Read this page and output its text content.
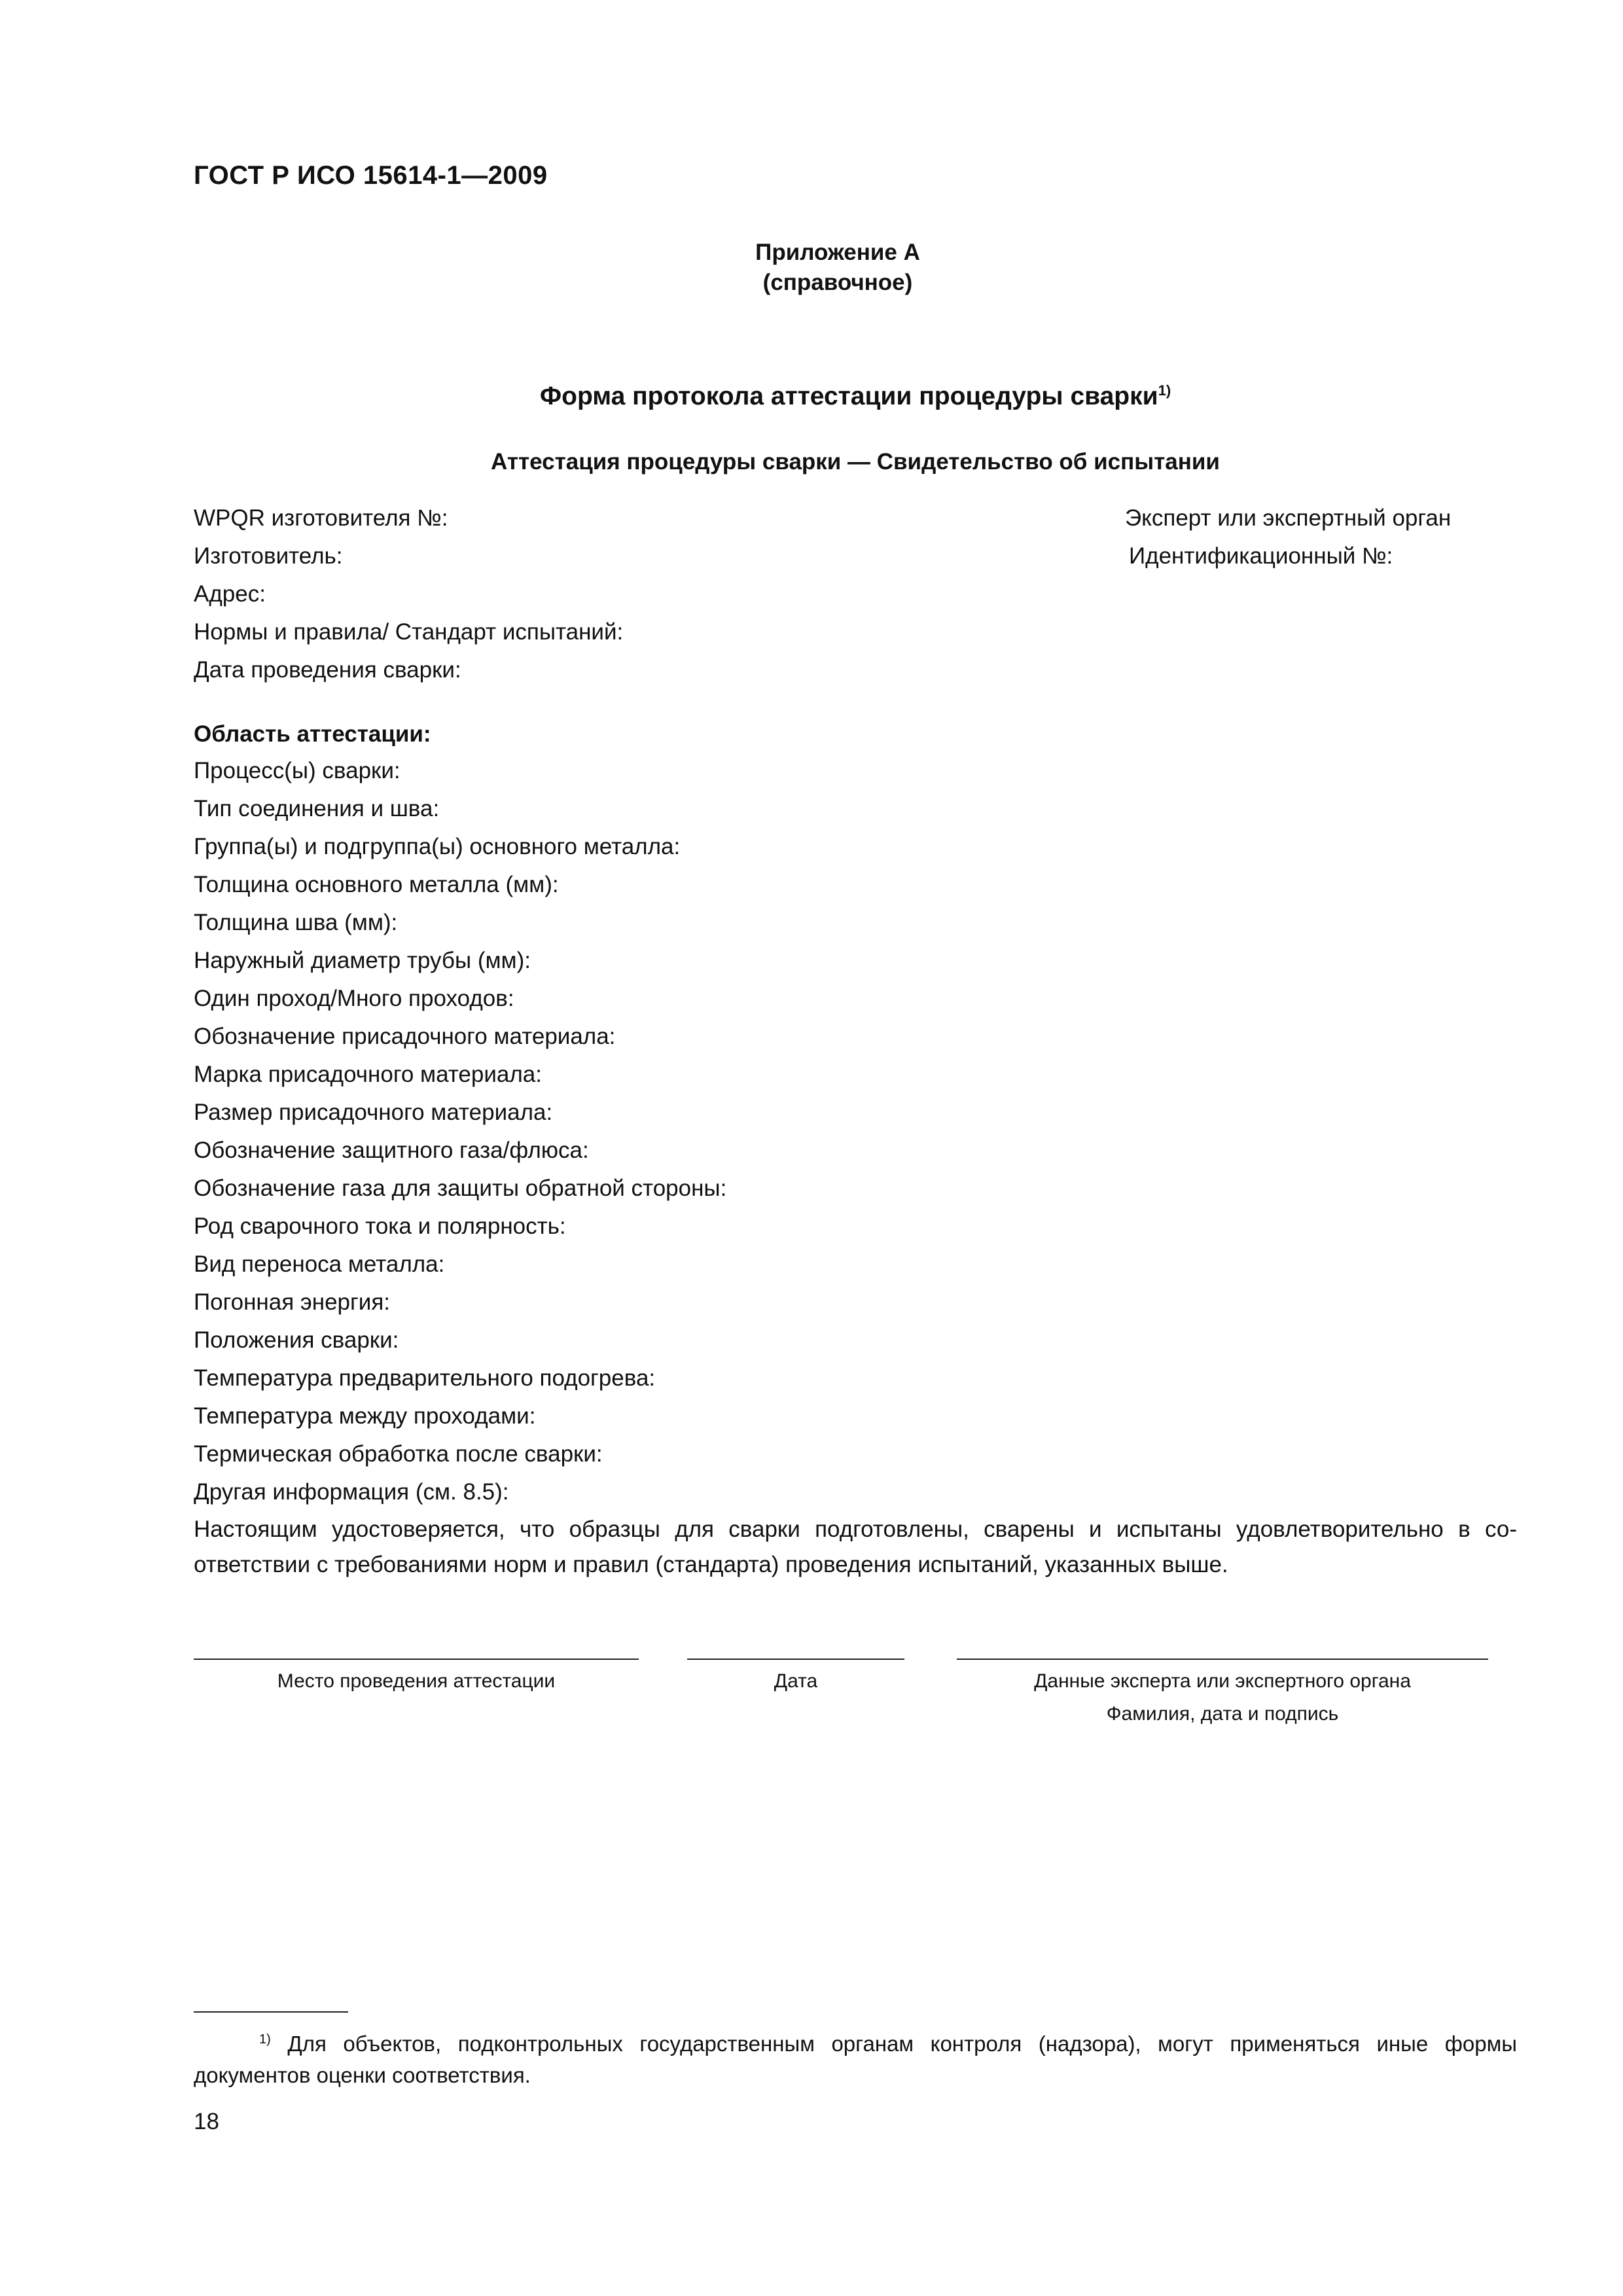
ГОСТ Р ИСО 15614-1—2009
Приложение А
(справочное)
Форма протокола аттестации процедуры сварки$^{1)}$
Аттестация процедуры сварки — Свидетельство об испытании
WPQR изготовителя №:
Изготовитель:
Адрес:
Нормы и правила/ Стандарт испытаний:
Дата проведения сварки:
Эксперт или экспертный орган
Идентификационный №:
Область аттестации:
Процесс(ы) сварки:
Тип соединения и шва:
Группа(ы) и подгруппа(ы) основного металла:
Толщина основного металла (мм):
Толщина шва (мм):
Наружный диаметр трубы (мм):
Один проход/Много проходов:
Обозначение присадочного материала:
Марка присадочного материала:
Размер присадочного материала:
Обозначение защитного газа/флюса:
Обозначение газа для защиты обратной стороны:
Род сварочного тока и полярность:
Вид переноса металла:
Погонная энергия:
Положения сварки:
Температура предварительного подогрева:
Температура между проходами:
Термическая обработка после сварки:
Другая информация (см. 8.5):
Настоящим удостоверяется, что образцы для сварки подготовлены, сварены и испытаны удовлетворительно в со-ответствии с требованиями норм и правил (стандарта) проведения испытаний, указанных выше.
Место проведения аттестации	Дата	Данные эксперта или экспертного органа
Фамилия, дата и подпись
$^{1)}$ Для объектов, подконтрольных государственным органам контроля (надзора), могут применяться иные формы документов оценки соответствия.
18
